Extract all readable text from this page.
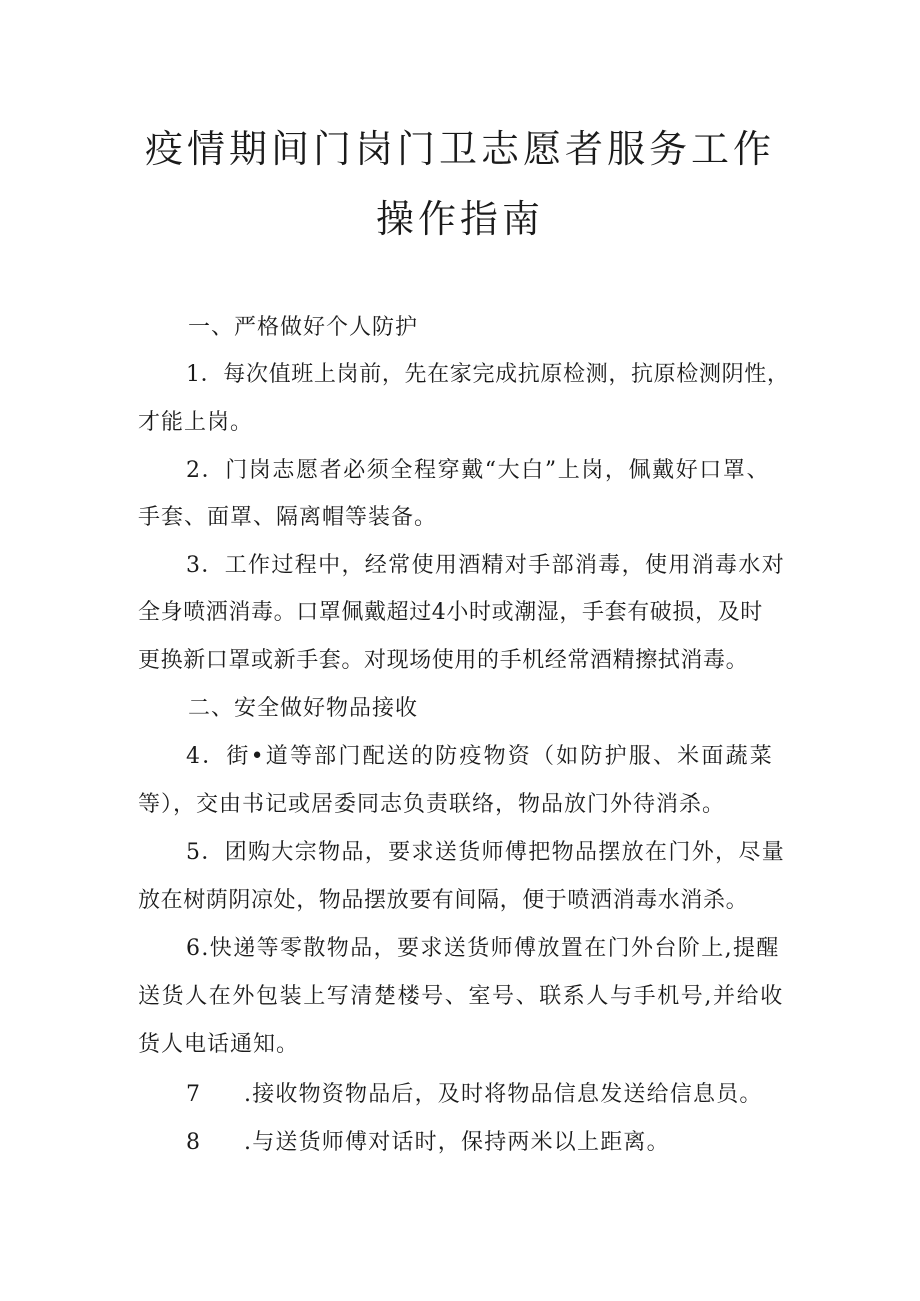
疫情期间门岗门卫志愿者服务工作
操作指南
一、严格做好个人防护
1．每次值班上岗前，先在家完成抗原检测，抗原检测阴性，
才能上岗。
2．门岗志愿者必须全程穿戴“大白”上岗，佩戴好口罩、
手套、面罩、隔离帽等装备。
3．工作过程中，经常使用酒精对手部消毒，使用消毒水对
全身喷洒消毒。口罩佩戴超过4小时或潮湿，手套有破损，及时
更换新口罩或新手套。对现场使用的手机经常酒精擦拭消毒。
二、安全做好物品接收
4．街•道等部门配送的防疫物资（如防护服、米面蔬菜
等），交由书记或居委同志负责联络，物品放门外待消杀。
5．团购大宗物品，要求送货师傅把物品摆放在门外，尽量
放在树荫阴凉处，物品摆放要有间隔，便于喷洒消毒水消杀。
6.快递等零散物品，要求送货师傅放置在门外台阶上,提醒
送货人在外包装上写清楚楼号、室号、联系人与手机号,并给收
货人电话通知。
7 .接收物资物品后，及时将物品信息发送给信息员。
8 .与送货师傅对话时，保持两米以上距离。
